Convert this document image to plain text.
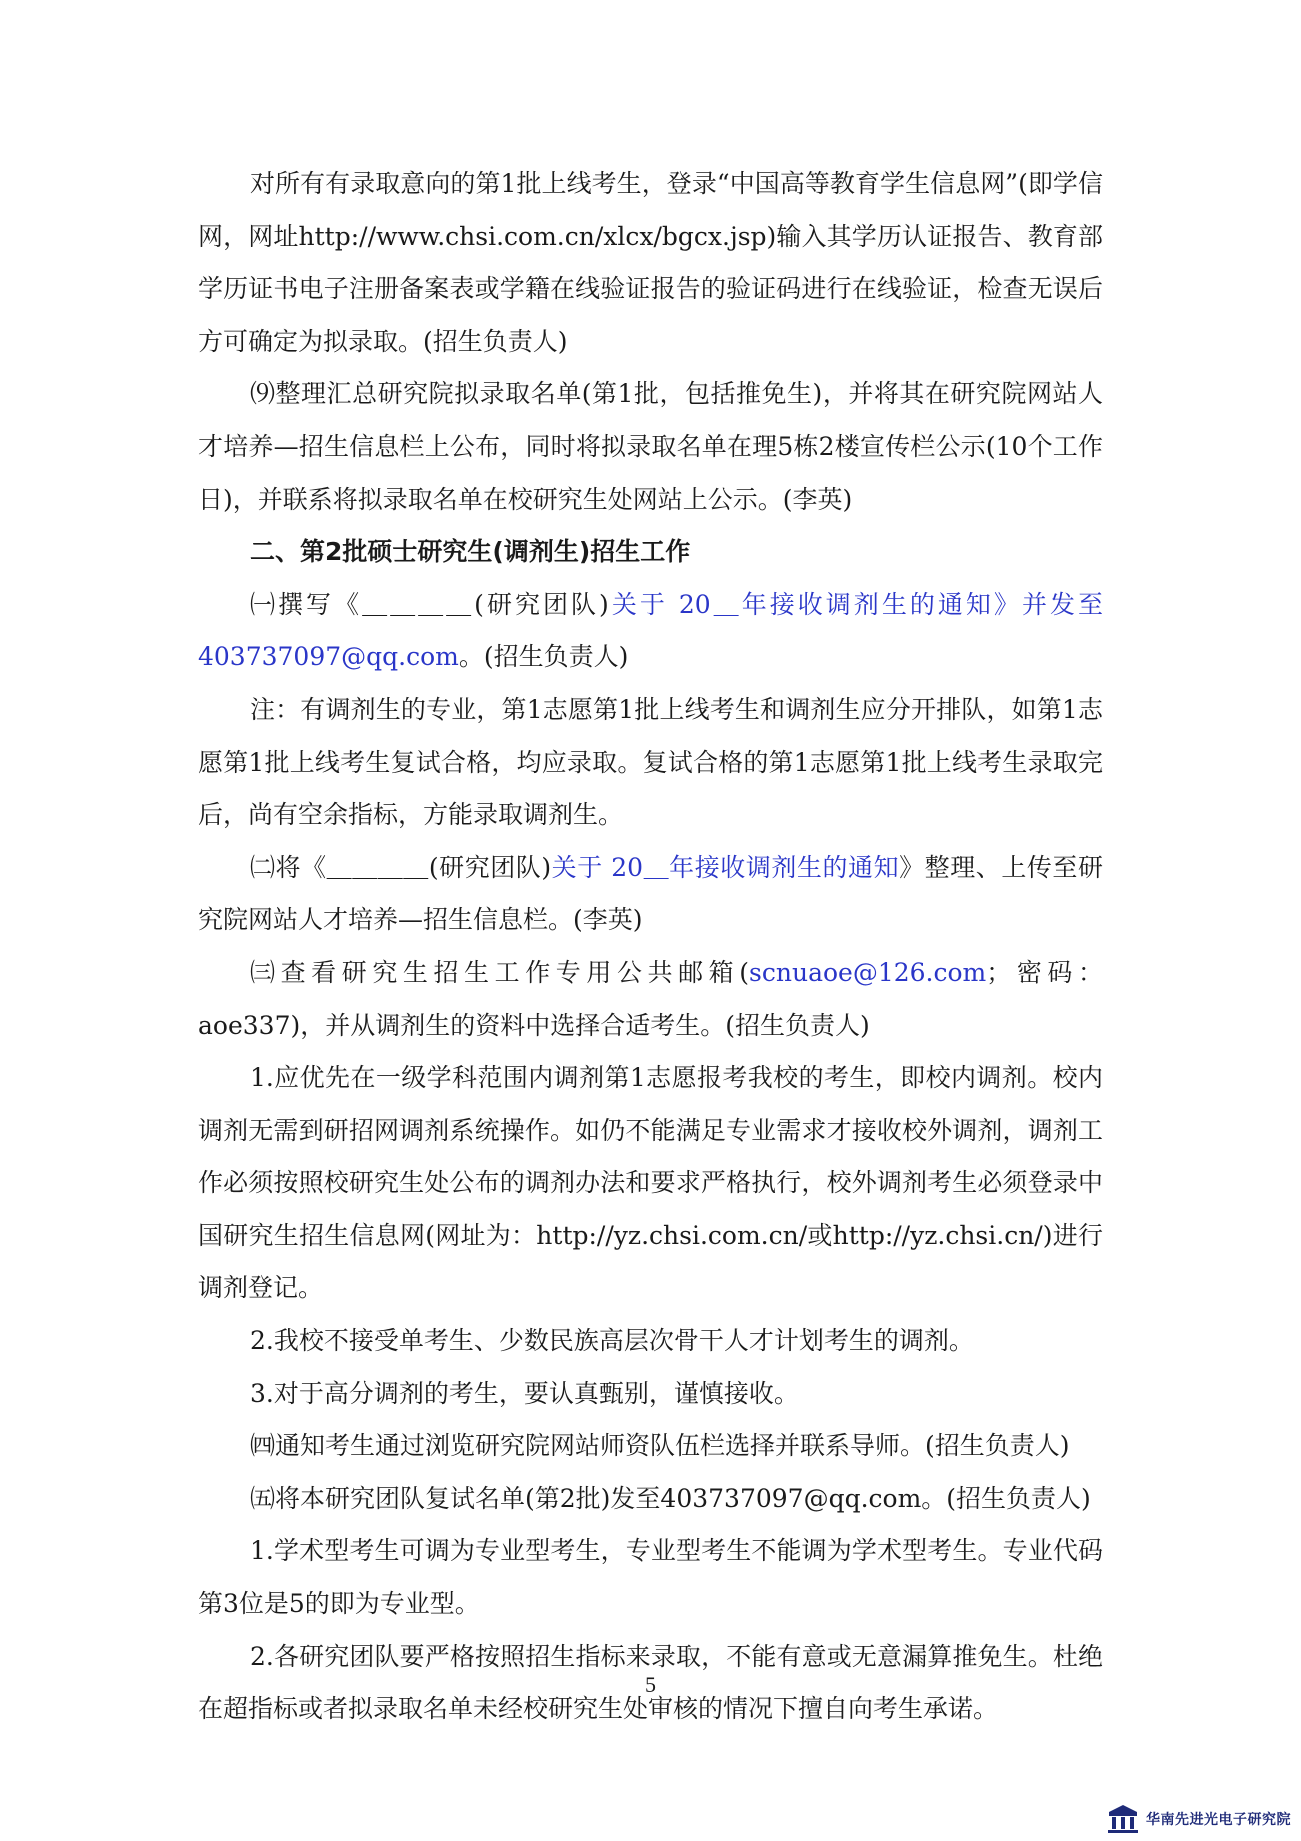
对所有有录取意向的第1批上线考生，登录“中国高等教育学生信息网”(即学信网，网址http://www.chsi.com.cn/xlcx/bgcx.jsp)输入其学历认证报告、教育部学历证书电子注册备案表或学籍在线验证报告的验证码进行在线验证，检查无误后方可确定为拟录取。(招生负责人)

⑼整理汇总研究院拟录取名单(第1批，包括推免生)，并将其在研究院网站人才培养—招生信息栏上公布，同时将拟录取名单在理5栋2楼宣传栏公示(10个工作日)，并联系将拟录取名单在校研究生处网站上公示。(李英)

二、第2批硕士研究生(调剂生)招生工作

㈠撰写《＿＿＿＿(研究团队)关于 20＿年接收调剂生的通知》并发至403737097@qq.com。(招生负责人)

注：有调剂生的专业，第1志愿第1批上线考生和调剂生应分开排队，如第1志愿第1批上线考生复试合格，均应录取。复试合格的第1志愿第1批上线考生录取完后，尚有空余指标，方能录取调剂生。

㈡将《＿＿＿＿(研究团队)关于 20＿年接收调剂生的通知》整理、上传至研究院网站人才培养—招生信息栏。(李英)

㈢查看研究生招生工作专用公共邮箱(scnuaoe@126.com；密码：aoe337)，并从调剂生的资料中选择合适考生。(招生负责人)

1.应优先在一级学科范围内调剂第1志愿报考我校的考生，即校内调剂。校内调剂无需到研招网调剂系统操作。如仍不能满足专业需求才接收校外调剂，调剂工作必须按照校研究生处公布的调剂办法和要求严格执行，校外调剂考生必须登录中国研究生招生信息网(网址为：http://yz.chsi.com.cn/或http://yz.chsi.cn/)进行调剂登记。

2.我校不接受单考生、少数民族高层次骨干人才计划考生的调剂。

3.对于高分调剂的考生，要认真甄别，谨慎接收。

㈣通知考生通过浏览研究院网站师资队伍栏选择并联系导师。(招生负责人)

㈤将本研究团队复试名单(第2批)发至403737097@qq.com。(招生负责人)

1.学术型考生可调为专业型考生，专业型考生不能调为学术型考生。专业代码第3位是5的即为专业型。

2.各研究团队要严格按照招生指标来录取，不能有意或无意漏算推免生。杜绝在超指标或者拟录取名单未经校研究生处审核的情况下擅自向考生承诺。

5
华南先进光电子研究院
